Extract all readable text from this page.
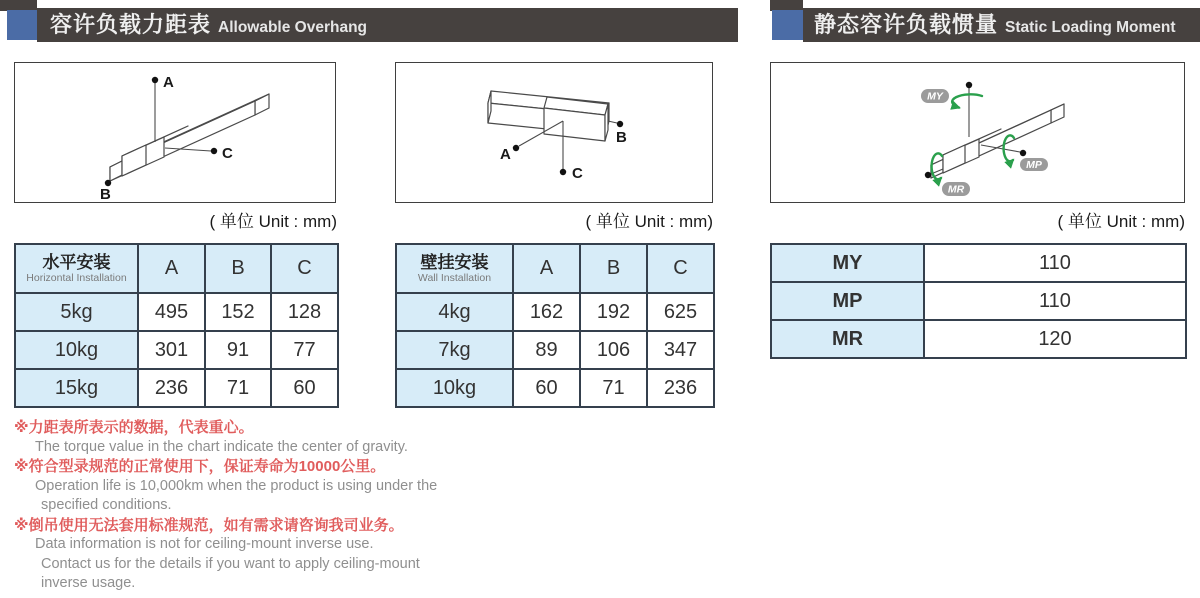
容许负载力距表 Allowable Overhang
A
C
B
( 单位 Unit : mm)
A
B
C
( 单位 Unit : mm)
水平安装
Horizontal Installation	A	B	C
5kg	495	152	128
10kg	301	91	77
15kg	236	71	60
壁挂安装
Wall Installation	A	B	C
4kg	162	192	625
7kg	89	106	347
10kg	60	71	236
※力距表所表示的数据，代表重心。
The torque value in the chart indicate the center of gravity.
※符合型录规范的正常使用下，保证寿命为10000公里。
Operation life is 10,000km when the product is using under the
specified conditions.
※倒吊使用无法套用标准规范，如有需求请咨询我司业务。
Data information is not for ceiling-mount inverse use.
Contact us for the details if you want to apply ceiling-mount
inverse usage.
静态容许负载惯量 Static Loading Moment
MY
MP
MR
( 单位 Unit : mm)
MY	110
MP	110
MR	120
